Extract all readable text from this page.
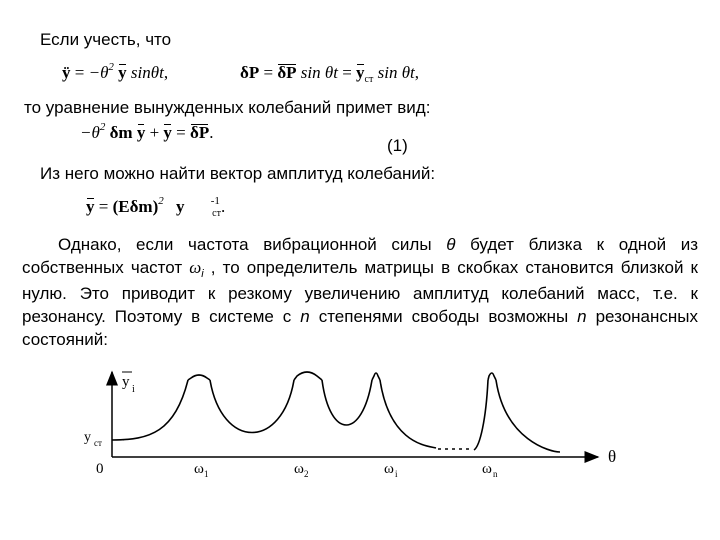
Если учесть, что
ÿ = $-\theta^2$ y sinθt,	δP = δP $\sin \theta t = y_{ст}$ sin θt,
то уравнение вынужденных колебаний примет вид:
$-\theta^2$ δm y + y = δP.
(1)
Из него можно найти вектор амплитуд колебаний:
$y = (E\delta m)^2$ y $^{-1}$ $_{ст}$.
Однако, если частота вибрационной силы θ будет близка к одной из собственных частот $\omega_i$ , то определитель матрицы в скобках становится близкой к нулю. Это приводит к резкому увеличению амплитуд колебаний масс, т.е. к резонансу. Поэтому в системе с n степенями свободы возможны n резонансных состояний:
y i
y ст
0
θ
ω 1	ω 2	ω i	ω n
